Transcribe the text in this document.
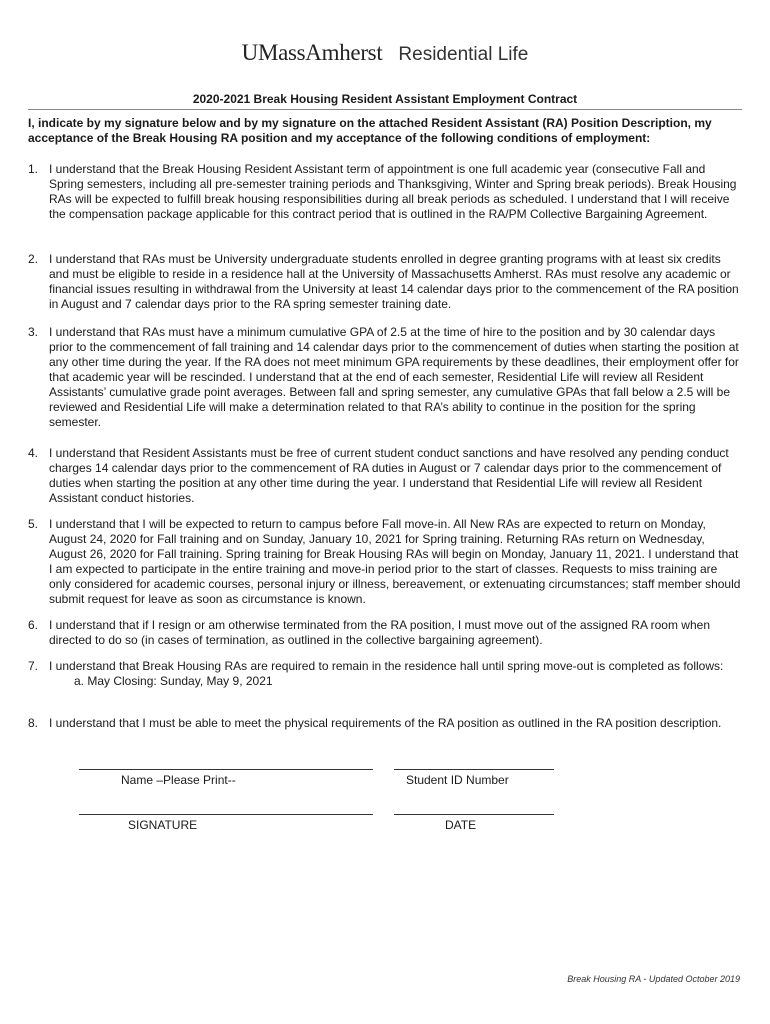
UMassAmherst Residential Life
2020-2021 Break Housing Resident Assistant Employment Contract
I, indicate by my signature below and by my signature on the attached Resident Assistant (RA) Position Description, my acceptance of the Break Housing RA position and my acceptance of the following conditions of employment:
1. I understand that the Break Housing Resident Assistant term of appointment is one full academic year (consecutive Fall and Spring semesters, including all pre-semester training periods and Thanksgiving, Winter and Spring break periods). Break Housing RAs will be expected to fulfill break housing responsibilities during all break periods as scheduled. I understand that I will receive the compensation package applicable for this contract period that is outlined in the RA/PM Collective Bargaining Agreement.
2. I understand that RAs must be University undergraduate students enrolled in degree granting programs with at least six credits and must be eligible to reside in a residence hall at the University of Massachusetts Amherst. RAs must resolve any academic or financial issues resulting in withdrawal from the University at least 14 calendar days prior to the commencement of the RA position in August and 7 calendar days prior to the RA spring semester training date.
3. I understand that RAs must have a minimum cumulative GPA of 2.5 at the time of hire to the position and by 30 calendar days prior to the commencement of fall training and 14 calendar days prior to the commencement of duties when starting the position at any other time during the year. If the RA does not meet minimum GPA requirements by these deadlines, their employment offer for that academic year will be rescinded. I understand that at the end of each semester, Residential Life will review all Resident Assistants’ cumulative grade point averages. Between fall and spring semester, any cumulative GPAs that fall below a 2.5 will be reviewed and Residential Life will make a determination related to that RA’s ability to continue in the position for the spring semester.
4. I understand that Resident Assistants must be free of current student conduct sanctions and have resolved any pending conduct charges 14 calendar days prior to the commencement of RA duties in August or 7 calendar days prior to the commencement of duties when starting the position at any other time during the year. I understand that Residential Life will review all Resident Assistant conduct histories.
5. I understand that I will be expected to return to campus before Fall move-in. All New RAs are expected to return on Monday, August 24, 2020 for Fall training and on Sunday, January 10, 2021 for Spring training. Returning RAs return on Wednesday, August 26, 2020 for Fall training. Spring training for Break Housing RAs will begin on Monday, January 11, 2021. I understand that I am expected to participate in the entire training and move-in period prior to the start of classes. Requests to miss training are only considered for academic courses, personal injury or illness, bereavement, or extenuating circumstances; staff member should submit request for leave as soon as circumstance is known.
6. I understand that if I resign or am otherwise terminated from the RA position, I must move out of the assigned RA room when directed to do so (in cases of termination, as outlined in the collective bargaining agreement).
7. I understand that Break Housing RAs are required to remain in the residence hall until spring move-out is completed as follows:
a. May Closing: Sunday, May 9, 2021
8. I understand that I must be able to meet the physical requirements of the RA position as outlined in the RA position description.
Name –Please Print--	Student ID Number
SIGNATURE	DATE
Break Housing RA - Updated October 2019
